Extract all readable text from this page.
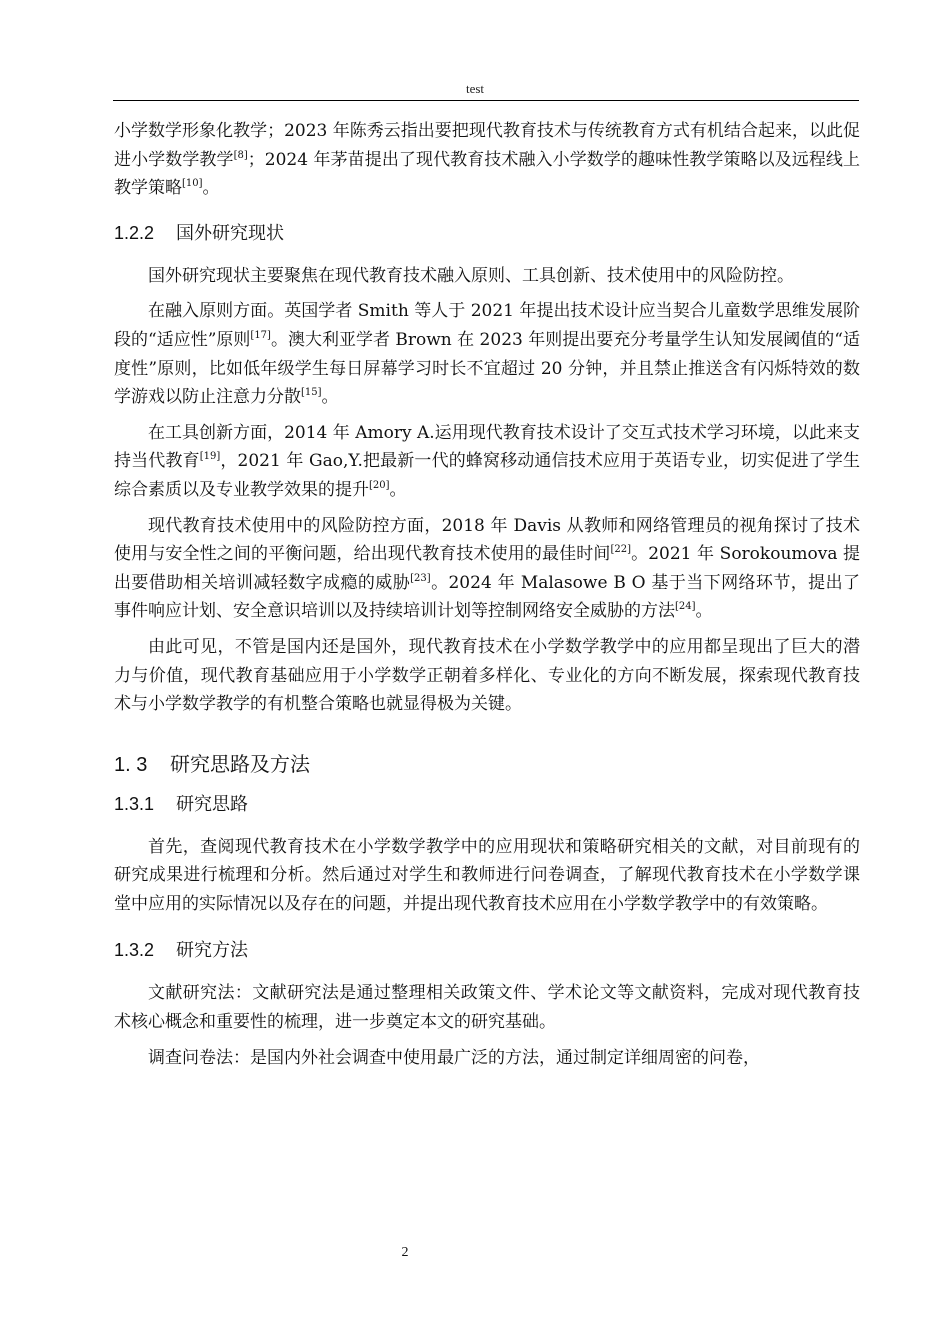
test

小学数学形象化教学；2023 年陈秀云指出要把现代教育技术与传统教育方式有机结合起来，以此促进小学数学教学[8]；2024 年茅苗提出了现代教育技术融入小学数学的趣味性教学策略以及远程线上教学策略[10]。

1.2.2 国外研究现状

国外研究现状主要聚焦在现代教育技术融入原则、工具创新、技术使用中的风险防控。

在融入原则方面。英国学者 Smith 等人于 2021 年提出技术设计应当契合儿童数学思维发展阶段的“适应性”原则[17]。澳大利亚学者 Brown 在 2023 年则提出要充分考量学生认知发展阈值的“适度性”原则，比如低年级学生每日屏幕学习时长不宜超过 20 分钟，并且禁止推送含有闪烁特效的数学游戏以防止注意力分散[15]。

在工具创新方面，2014 年 Amory A.运用现代教育技术设计了交互式技术学习环境，以此来支持当代教育[19]，2021 年 Gao,Y.把最新一代的蜂窝移动通信技术应用于英语专业，切实促进了学生综合素质以及专业教学效果的提升[20]。

现代教育技术使用中的风险防控方面，2018 年 Davis 从教师和网络管理员的视角探讨了技术使用与安全性之间的平衡问题，给出现代教育技术使用的最佳时间[22]。2021 年 Sorokoumova 提出要借助相关培训减轻数字成瘾的威胁[23]。2024 年 Malasowe B O 基于当下网络环节，提出了事件响应计划、安全意识培训以及持续培训计划等控制网络安全威胁的方法[24]。

由此可见，不管是国内还是国外，现代教育技术在小学数学教学中的应用都呈现出了巨大的潜力与价值，现代教育基础应用于小学数学正朝着多样化、专业化的方向不断发展，探索现代教育技术与小学数学教学的有机整合策略也就显得极为关键。

1. 3 研究思路及方法
1.3.1 研究思路

首先，查阅现代教育技术在小学数学教学中的应用现状和策略研究相关的文献，对目前现有的研究成果进行梳理和分析。然后通过对学生和教师进行问卷调查，了解现代教育技术在小学数学课堂中应用的实际情况以及存在的问题，并提出现代教育技术应用在小学数学教学中的有效策略。

1.3.2 研究方法

文献研究法：文献研究法是通过整理相关政策文件、学术论文等文献资料，完成对现代教育技术核心概念和重要性的梳理，进一步奠定本文的研究基础。

调查问卷法：是国内外社会调查中使用最广泛的方法，通过制定详细周密的问卷，

2
